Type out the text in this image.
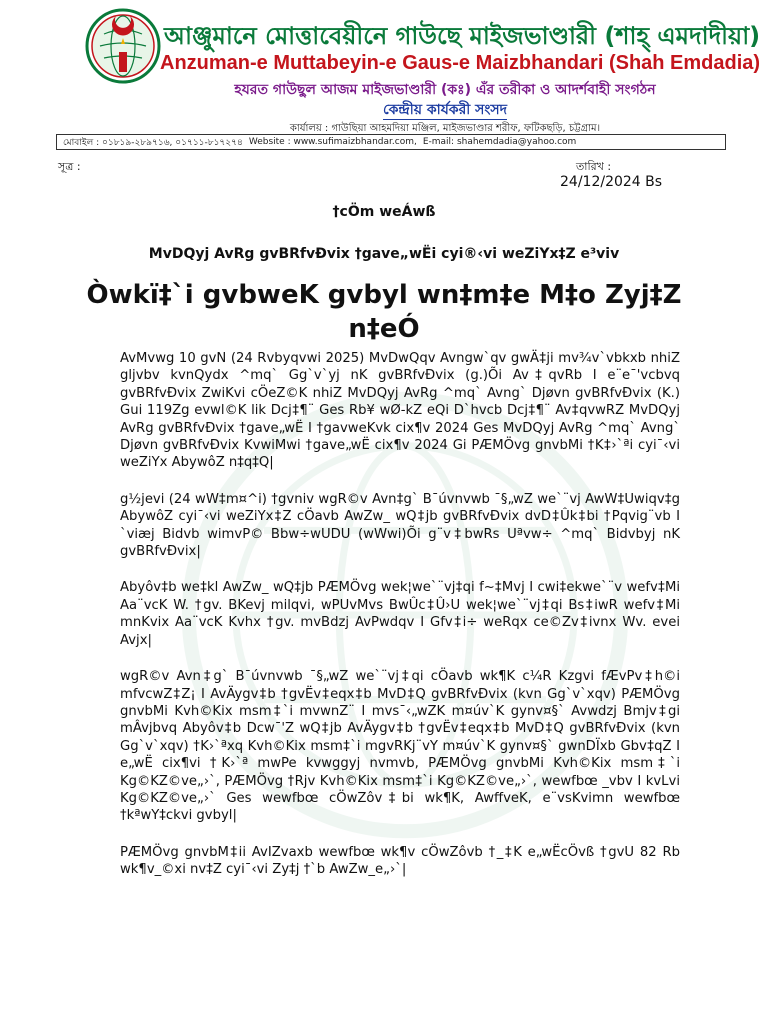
আঞ্জুমানে মোত্তাবেয়ীনে গাউছে মাইজভাণ্ডারী (শাহ্‌ এমদাদীয়া)
Anzuman-e Muttabeyin-e Gaus-e Maizbhandari (Shah Emdadia)
হযরত গাউছুল আজম মাইজভাণ্ডারী (কঃ) এঁর তরীকা ও আদর্শবাহী সংগঠন
কেন্দ্রীয় কার্যকরী সংসদ
কার্যালয় : গাউছিয়া আহমদিয়া মঞ্জিল, মাইজভাণ্ডার শরীফ, ফটিকছড়ি, চট্টগ্রাম।
মোবাইল : ০১৮১৯-২৮৯৭১৬, ০১৭১১-৮১৭২৭৪ Website : www.sufimaizbhandar.com, E-mail: shahemdadia@yahoo.com
সূত্র :	তারিখ :
24/12/2024 Bs
†cÖm weÁwß
MvDQyj AvRg gvBRfvÐvix †gave„wËi cyi®‹vi weZiYx‡Z e³viv
Òwkï‡`i gvbweK gvbyl wn‡m‡e M‡o Zyj‡Z n‡eÓ

AvMvwg 10 gvN (24 Rvbyqvwi 2025) MvDwQqv Avngw`qv gwÄ‡ji mv¾v`vbkxb nhiZ gljvbv kvnQydx ^mq` Gg`v`yj nK gvBRfvÐvix (g.)Õi Av‡qvRb I e¨e¯'vcbvq gvBRfvÐvix ZwiKvi cÖeZ©K nhiZ MvDQyj AvRg ^mq` Avng` Djøvn gvBRfvÐvix (K.) Gui 119Zg evwl©K lik Dcj‡¶¨ Ges Rb¥ wØ-kZ eQi D`hvcb Dcj‡¶¨ Av‡qvwRZ MvDQyj AvRg gvBRfvÐvix †gave„wË I †gavweKvk cix¶v 2024 Ges MvDQyj AvRg ^mq` Avng` Djøvn gvBRfvÐvix KvwiMwi †gave„wË cix¶v 2024 Gi PÆMÖvg gnvbMi †K‡›`ªi cyi¯‹vi weZiYx AbywôZ n‡q‡Q|

g½jevi (24 wW‡m¤^i) †gvniv wgR©v Avn‡g` B¯úvnvwb ¯§„wZ we`¨vj AwW‡Uwiqv‡g AbywôZ cyi¯‹vi weZiYx‡Z cÖavb AwZw_ wQ‡jb gvBRfvÐvix dvD‡Ûk‡bi †Pqvig¨vb I `viæj Bidvb wimvP© Bbw÷wUDU (wWwi)Õi g¨v‡bwRs Uªvw÷ ^mq` Bidvbyj nK gvBRfvÐvix|

Abyôv‡b we‡kl AwZw_ wQ‡jb PÆMÖvg wek¦we`¨vj‡qi f~‡Mvj I cwi‡ekwe`¨v wefv‡Mi Aa¨vcK W. †gv. BKevj milqvi, wPUvMvs BwÛc‡Û›U wek¦we`¨vj‡qi Bs‡iwR wefv‡Mi mnKvix Aa¨vcK Kvhx †gv. mvBdzj AvPwdqv I Gfv‡i÷ weRqx ce©Zv‡ivnx Wv. evei Avjx|

wgR©v Avn‡g` B¯úvnvwb ¯§„wZ we`¨vj‡qi cÖavb wk¶K c¼R Kzgvi fÆvPv‡h©i mfvcwZ‡Z¡ I AvÄygv‡b †gvËv‡eqx‡b MvD‡Q gvBRfvÐvix (kvn Gg`v`xqv) PÆMÖvg gnvbMi Kvh©Kix msm‡`i mvwnZ¨ I mvs¯‹„wZK m¤úv`K gynv¤§` Avwdzj Bmjv‡gi mÂvjbvq Abyôv‡b Dcw¯'Z wQ‡jb AvÄygv‡b †gvËv‡eqx‡b MvD‡Q gvBRfvÐvix (kvn Gg`v`xqv) †K›`ªxq Kvh©Kix msm‡`i mgvRKj¨vY m¤úv`K gynv¤§` gwnDÏxb Gbv‡qZ I e„wË cix¶vi †K›`ª mwPe kvwggyj nvmvb, PÆMÖvg gnvbMi Kvh©Kix msm‡`i Kg©KZ©ve„›`, PÆMÖvg †Rjv Kvh©Kix msm‡`i Kg©KZ©ve„›`, wewfbœ _vbv I kvLvi Kg©KZ©ve„›` Ges wewfbœ cÖwZôv‡bi wk¶K, AwffveK, e¨vsKvimn wewfbœ †kªwY‡ckvi gvbyl|

PÆMÖvg gnvbM‡ii AvIZvaxb wewfbœ wk¶v cÖwZôvb †_‡K e„wËcÖvß †gvU 82 Rb wk¶v_©xi nv‡Z cyi¯‹vi Zy‡j †`b AwZw_e„›`|
